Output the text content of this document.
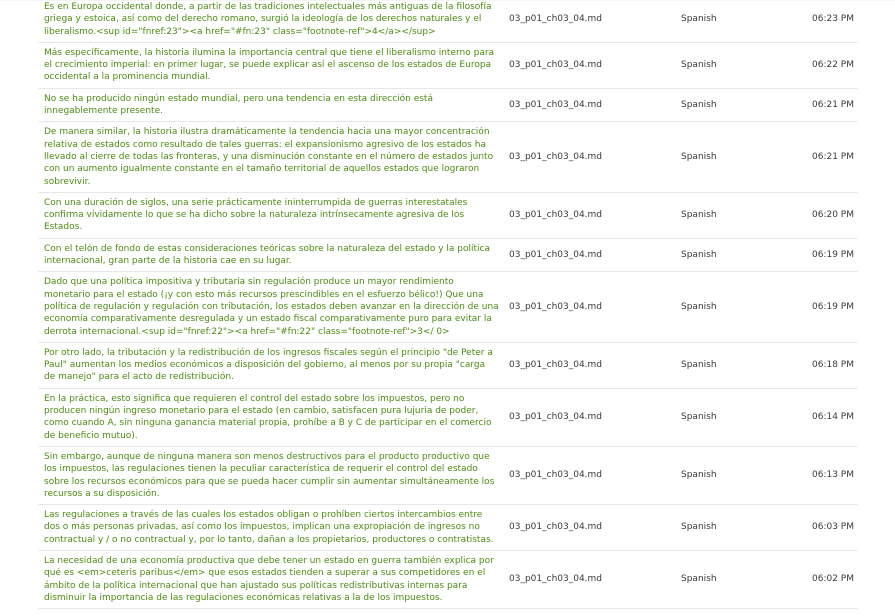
Es en Europa occidental donde, a partir de las tradiciones intelectuales más antiguas de la filosofía griega y estoica, así como del derecho romano, surgió la ideología de los derechos naturales y el liberalismo.<sup id="fnref:23"><a href="#fn:23" class="footnote-ref">4</a></sup>	03_p01_ch03_04.md	Spanish	06:23 PM
Más específicamente, la historia ilumina la importancia central que tiene el liberalismo interno para el crecimiento imperial: en primer lugar, se puede explicar así el ascenso de los estados de Europa occidental a la prominencia mundial.	03_p01_ch03_04.md	Spanish	06:22 PM
No se ha producido ningún estado mundial, pero una tendencia en esta dirección está innegablemente presente.	03_p01_ch03_04.md	Spanish	06:21 PM
De manera similar, la historia ilustra dramáticamente la tendencia hacia una mayor concentración relativa de estados como resultado de tales guerras: el expansionismo agresivo de los estados ha llevado al cierre de todas las fronteras, y una disminución constante en el número de estados junto con un aumento igualmente constante en el tamaño territorial de aquellos estados que lograron sobrevivir.	03_p01_ch03_04.md	Spanish	06:21 PM
Con una duración de siglos, una serie prácticamente ininterrumpida de guerras interestatales confirma vívidamente lo que se ha dicho sobre la naturaleza intrínsecamente agresiva de los Estados.	03_p01_ch03_04.md	Spanish	06:20 PM
Con el telón de fondo de estas consideraciones teóricas sobre la naturaleza del estado y la política internacional, gran parte de la historia cae en su lugar.	03_p01_ch03_04.md	Spanish	06:19 PM
Dado que una política impositiva y tributaria sin regulación produce un mayor rendimiento monetario para el estado (¡y con esto más recursos prescindibles en el esfuerzo bélico!) Que una política de regulación y regulación con tributación, los estados deben avanzar en la dirección de una economía comparativamente desregulada y un estado fiscal comparativamente puro para evitar la derrota internacional.<sup id="fnref:22"><a href="#fn:22" class="footnote-ref">3</ 0>	03_p01_ch03_04.md	Spanish	06:19 PM
Por otro lado, la tributación y la redistribución de los ingresos fiscales según el principio "de Peter a Paul" aumentan los medios económicos a disposición del gobierno, al menos por su propia "carga de manejo" para el acto de redistribución.	03_p01_ch03_04.md	Spanish	06:18 PM
En la práctica, esto significa que requieren el control del estado sobre los impuestos, pero no producen ningún ingreso monetario para el estado (en cambio, satisfacen pura lujuria de poder, como cuando A, sin ninguna ganancia material propia, prohíbe a B y C de participar en el comercio de beneficio mutuo).	03_p01_ch03_04.md	Spanish	06:14 PM
Sin embargo, aunque de ninguna manera son menos destructivos para el producto productivo que los impuestos, las regulaciones tienen la peculiar característica de requerir el control del estado sobre los recursos económicos para que se pueda hacer cumplir sin aumentar simultáneamente los recursos a su disposición.	03_p01_ch03_04.md	Spanish	06:13 PM
Las regulaciones a través de las cuales los estados obligan o prohíben ciertos intercambios entre dos o más personas privadas, así como los impuestos, implican una expropiación de ingresos no contractual y / o no contractual y, por lo tanto, dañan a los propietarios, productores o contratistas.	03_p01_ch03_04.md	Spanish	06:03 PM
La necesidad de una economía productiva que debe tener un estado en guerra también explica por qué es <em>ceteris paribus</em> que esos estados tienden a superar a sus competidores en el ámbito de la política internacional que han ajustado sus políticas redistributivas internas para disminuir la importancia de las regulaciones económicas relativas a la de los impuestos.	03_p01_ch03_04.md	Spanish	06:02 PM
